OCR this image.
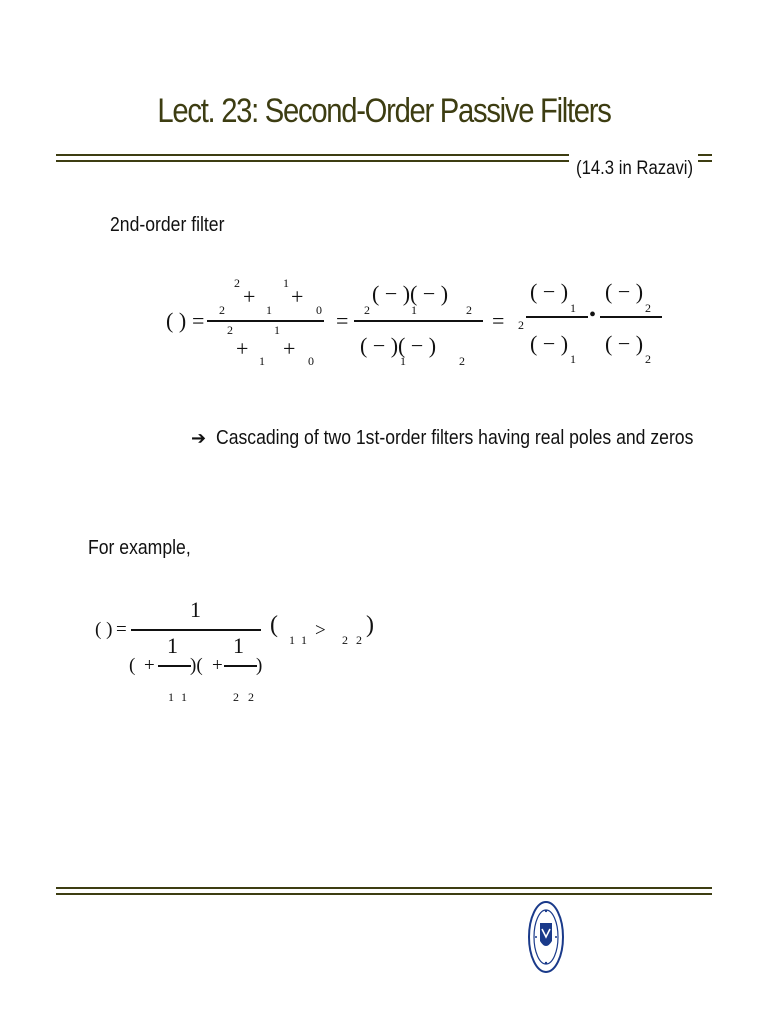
Lect. 23: Second-Order Passive Filters
(14.3 in Razavi)
2nd-order filter
( ) = 2
2
+
1
1
+
0
2
+ 1
1
+ 0
= 2
( − )( − )
1	2
( − )( − )
1	2
= 2
( − )
1
( − )
1
•
( − )
2
( − )
2
➔ Cascading of two 1st-order filters having real poles and zeros
For example,
( ) =
1
( +
1
)( +
1
)
1 1	2 2
(
1 1 > 2 2
)
